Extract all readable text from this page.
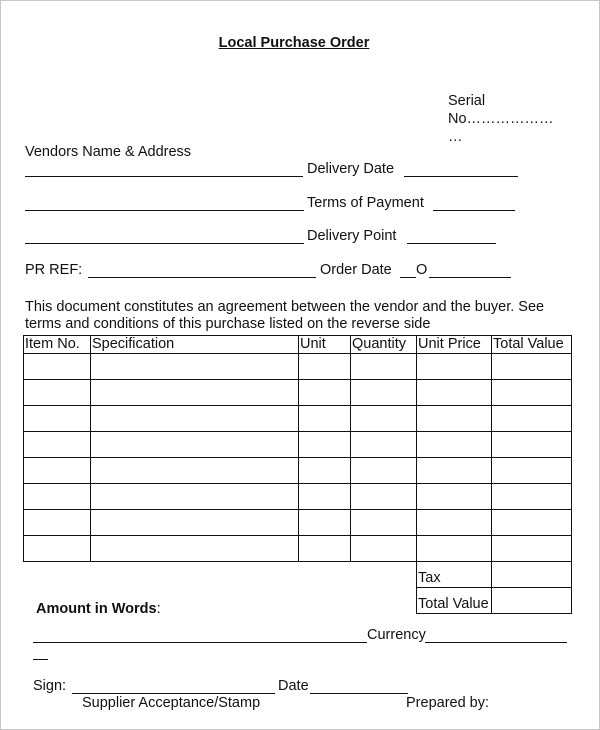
Local Purchase Order
Serial
No………………
…
Vendors Name & Address
Delivery Date
Terms of Payment
Delivery Point
PR REF:	Order Date O
This document constitutes an agreement between the vendor and the buyer. See
terms and conditions of this purchase listed on the reverse side
Item No.	Specification	Unit	Quantity	Unit Price	Total Value

				Tax	
				Total Value	
Amount in Words:
Currency
Sign:	Date
Supplier Acceptance/Stamp	Prepared by:
